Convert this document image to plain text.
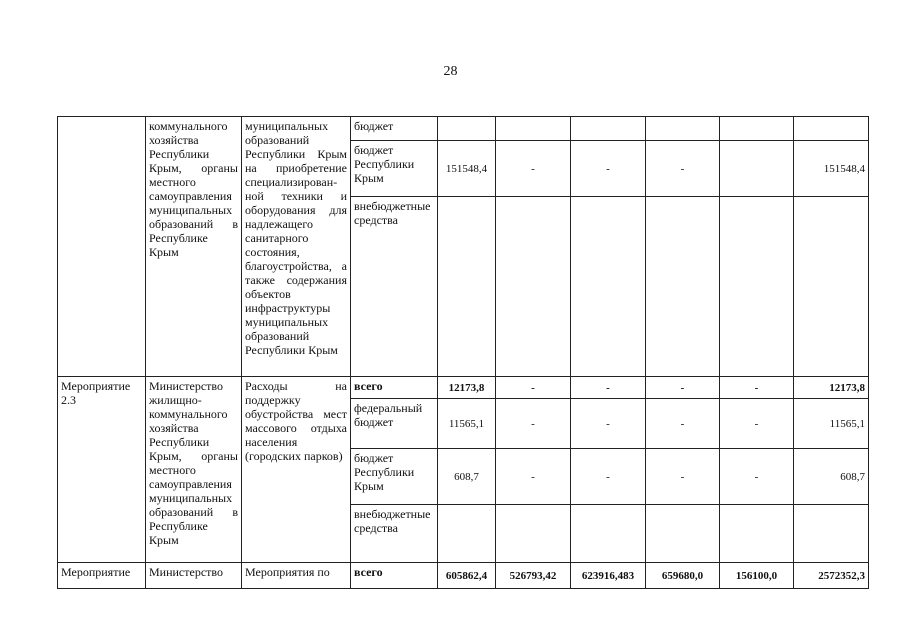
28
	коммунального хозяйства Республики Крым, органы местного самоуправления муниципальных образований в Республике Крым	муниципальных образований Республики Крым на приобретение специализированной техники и оборудования для надлежащего санитарного состояния, благоустройства, а также содержания объектов инфраструктуры муниципальных образований Республики Крым	бюджет						
			бюджет Республики Крым	151548,4	-	-	-		151548,4
			внебюджетные средства						
Мероприятие 2.3	Министерство жилищно-коммунального хозяйства Республики Крым, органы местного самоуправления муниципальных образований в Республике Крым	Расходы на поддержку обустройства мест массового отдыха населения (городских парков)	всего	12173,8	-	-	-	-	12173,8
			федеральный бюджет	11565,1	-	-	-	-	11565,1
			бюджет Республики Крым	608,7	-	-	-	-	608,7
			внебюджетные средства						
Мероприятие	Министерство	Мероприятия по	всего	605862,4	526793,42	623916,483	659680,0	156100,0	2572352,3
